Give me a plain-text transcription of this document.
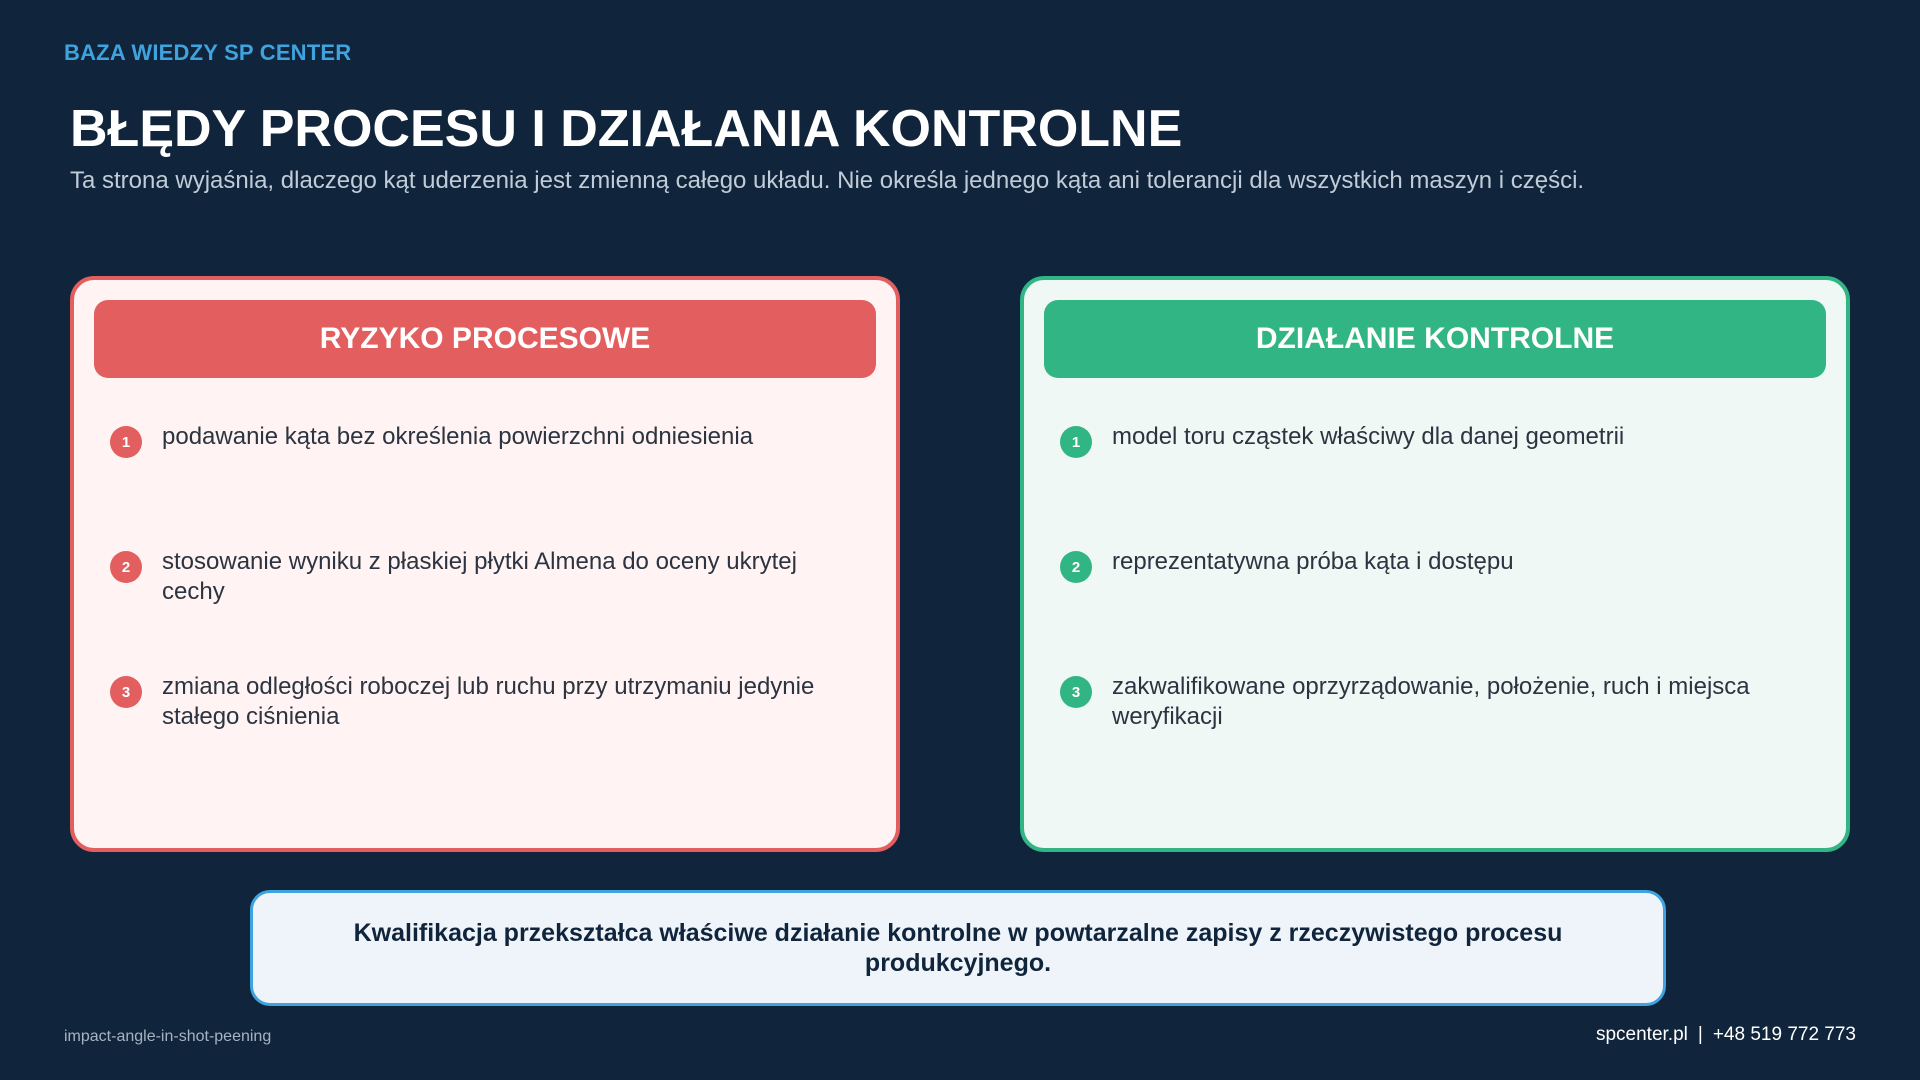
BAZA WIEDZY SP CENTER
BŁĘDY PROCESU I DZIAŁANIA KONTROLNE
Ta strona wyjaśnia, dlaczego kąt uderzenia jest zmienną całego układu. Nie określa jednego kąta ani tolerancji dla wszystkich maszyn i części.
RYZYKO PROCESOWE
1	podawanie kąta bez określenia powierzchni odniesienia
2	stosowanie wyniku z płaskiej płytki Almena do oceny ukrytej cechy
3	zmiana odległości roboczej lub ruchu przy utrzymaniu jedynie stałego ciśnienia
DZIAŁANIE KONTROLNE
1	model toru cząstek właściwy dla danej geometrii
2	reprezentatywna próba kąta i dostępu
3	zakwalifikowane oprzyrządowanie, położenie, ruch i miejsca weryfikacji
Kwalifikacja przekształca właściwe działanie kontrolne w powtarzalne zapisy z rzeczywistego procesu produkcyjnego.
impact-angle-in-shot-peening	spcenter.pl | +48 519 772 773
